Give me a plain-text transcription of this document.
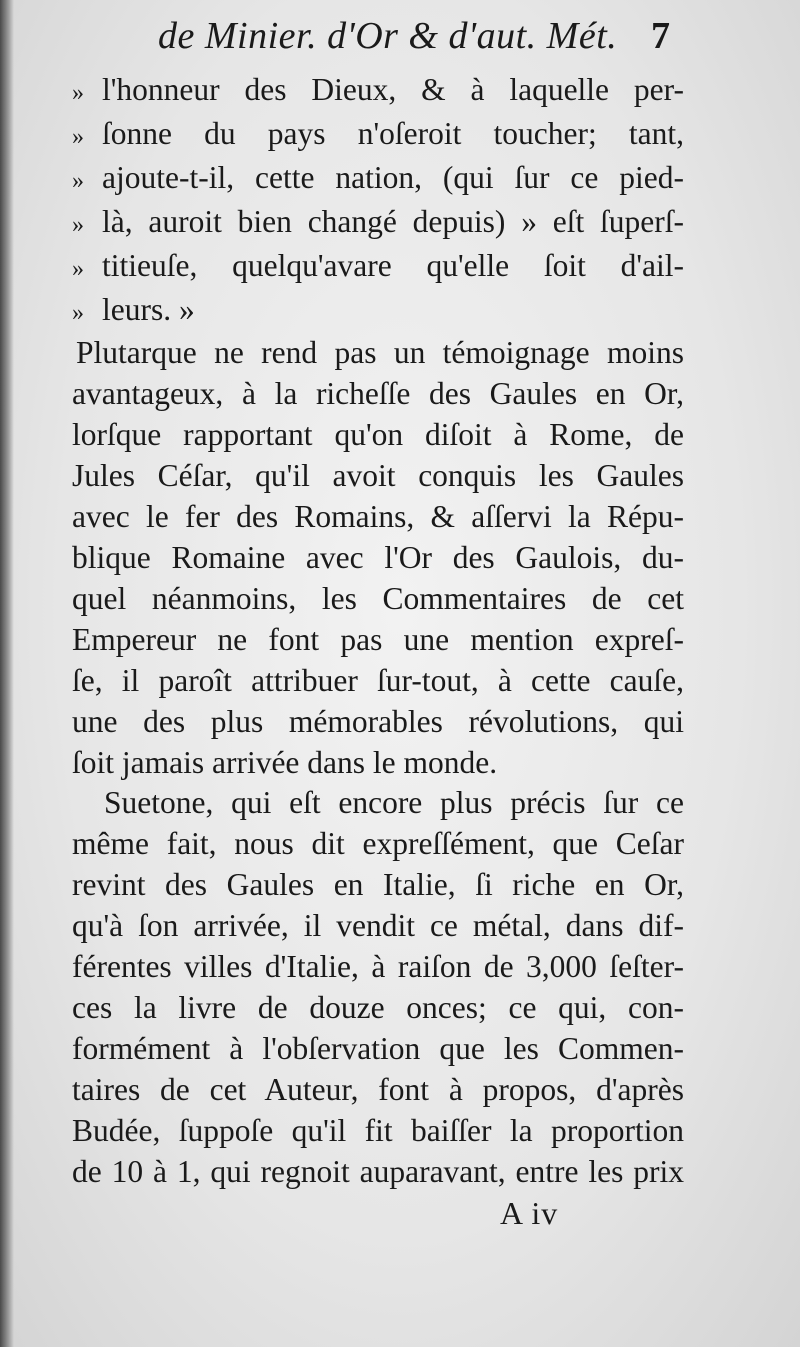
de Minier. d'Or & d'aut. Mét. 7
» l'honneur des Dieux, & à laquelle per-
» ſonne du pays n'oſeroit toucher; tant,
» ajoute-t-il, cette nation, (qui ſur ce pied-
» là, auroit bien changé depuis) » eſt ſuperſ-
» titieuſe, quelqu'avare qu'elle ſoit d'ail-
» leurs. »
Plutarque ne rend pas un témoignage moins
avantageux, à la richeſſe des Gaules en Or,
lorſque rapportant qu'on diſoit à Rome, de
Jules Céſar, qu'il avoit conquis les Gaules
avec le fer des Romains, & aſſervi la Répu-
blique Romaine avec l'Or des Gaulois, du-
quel néanmoins, les Commentaires de cet
Empereur ne font pas une mention expreſ-
ſe, il paroît attribuer ſur-tout, à cette cauſe,
une des plus mémorables révolutions, qui
ſoit jamais arrivée dans le monde.
Suetone, qui eſt encore plus précis ſur ce
même fait, nous dit expreſſément, que Ceſar
revint des Gaules en Italie, ſi riche en Or,
qu'à ſon arrivée, il vendit ce métal, dans dif-
férentes villes d'Italie, à raiſon de 3,000 ſeſter-
ces la livre de douze onces; ce qui, con-
formément à l'obſervation que les Commen-
taires de cet Auteur, font à propos, d'après
Budée, ſuppoſe qu'il fit baiſſer la proportion
de 10 à 1, qui regnoit auparavant, entre les prix
A iv
